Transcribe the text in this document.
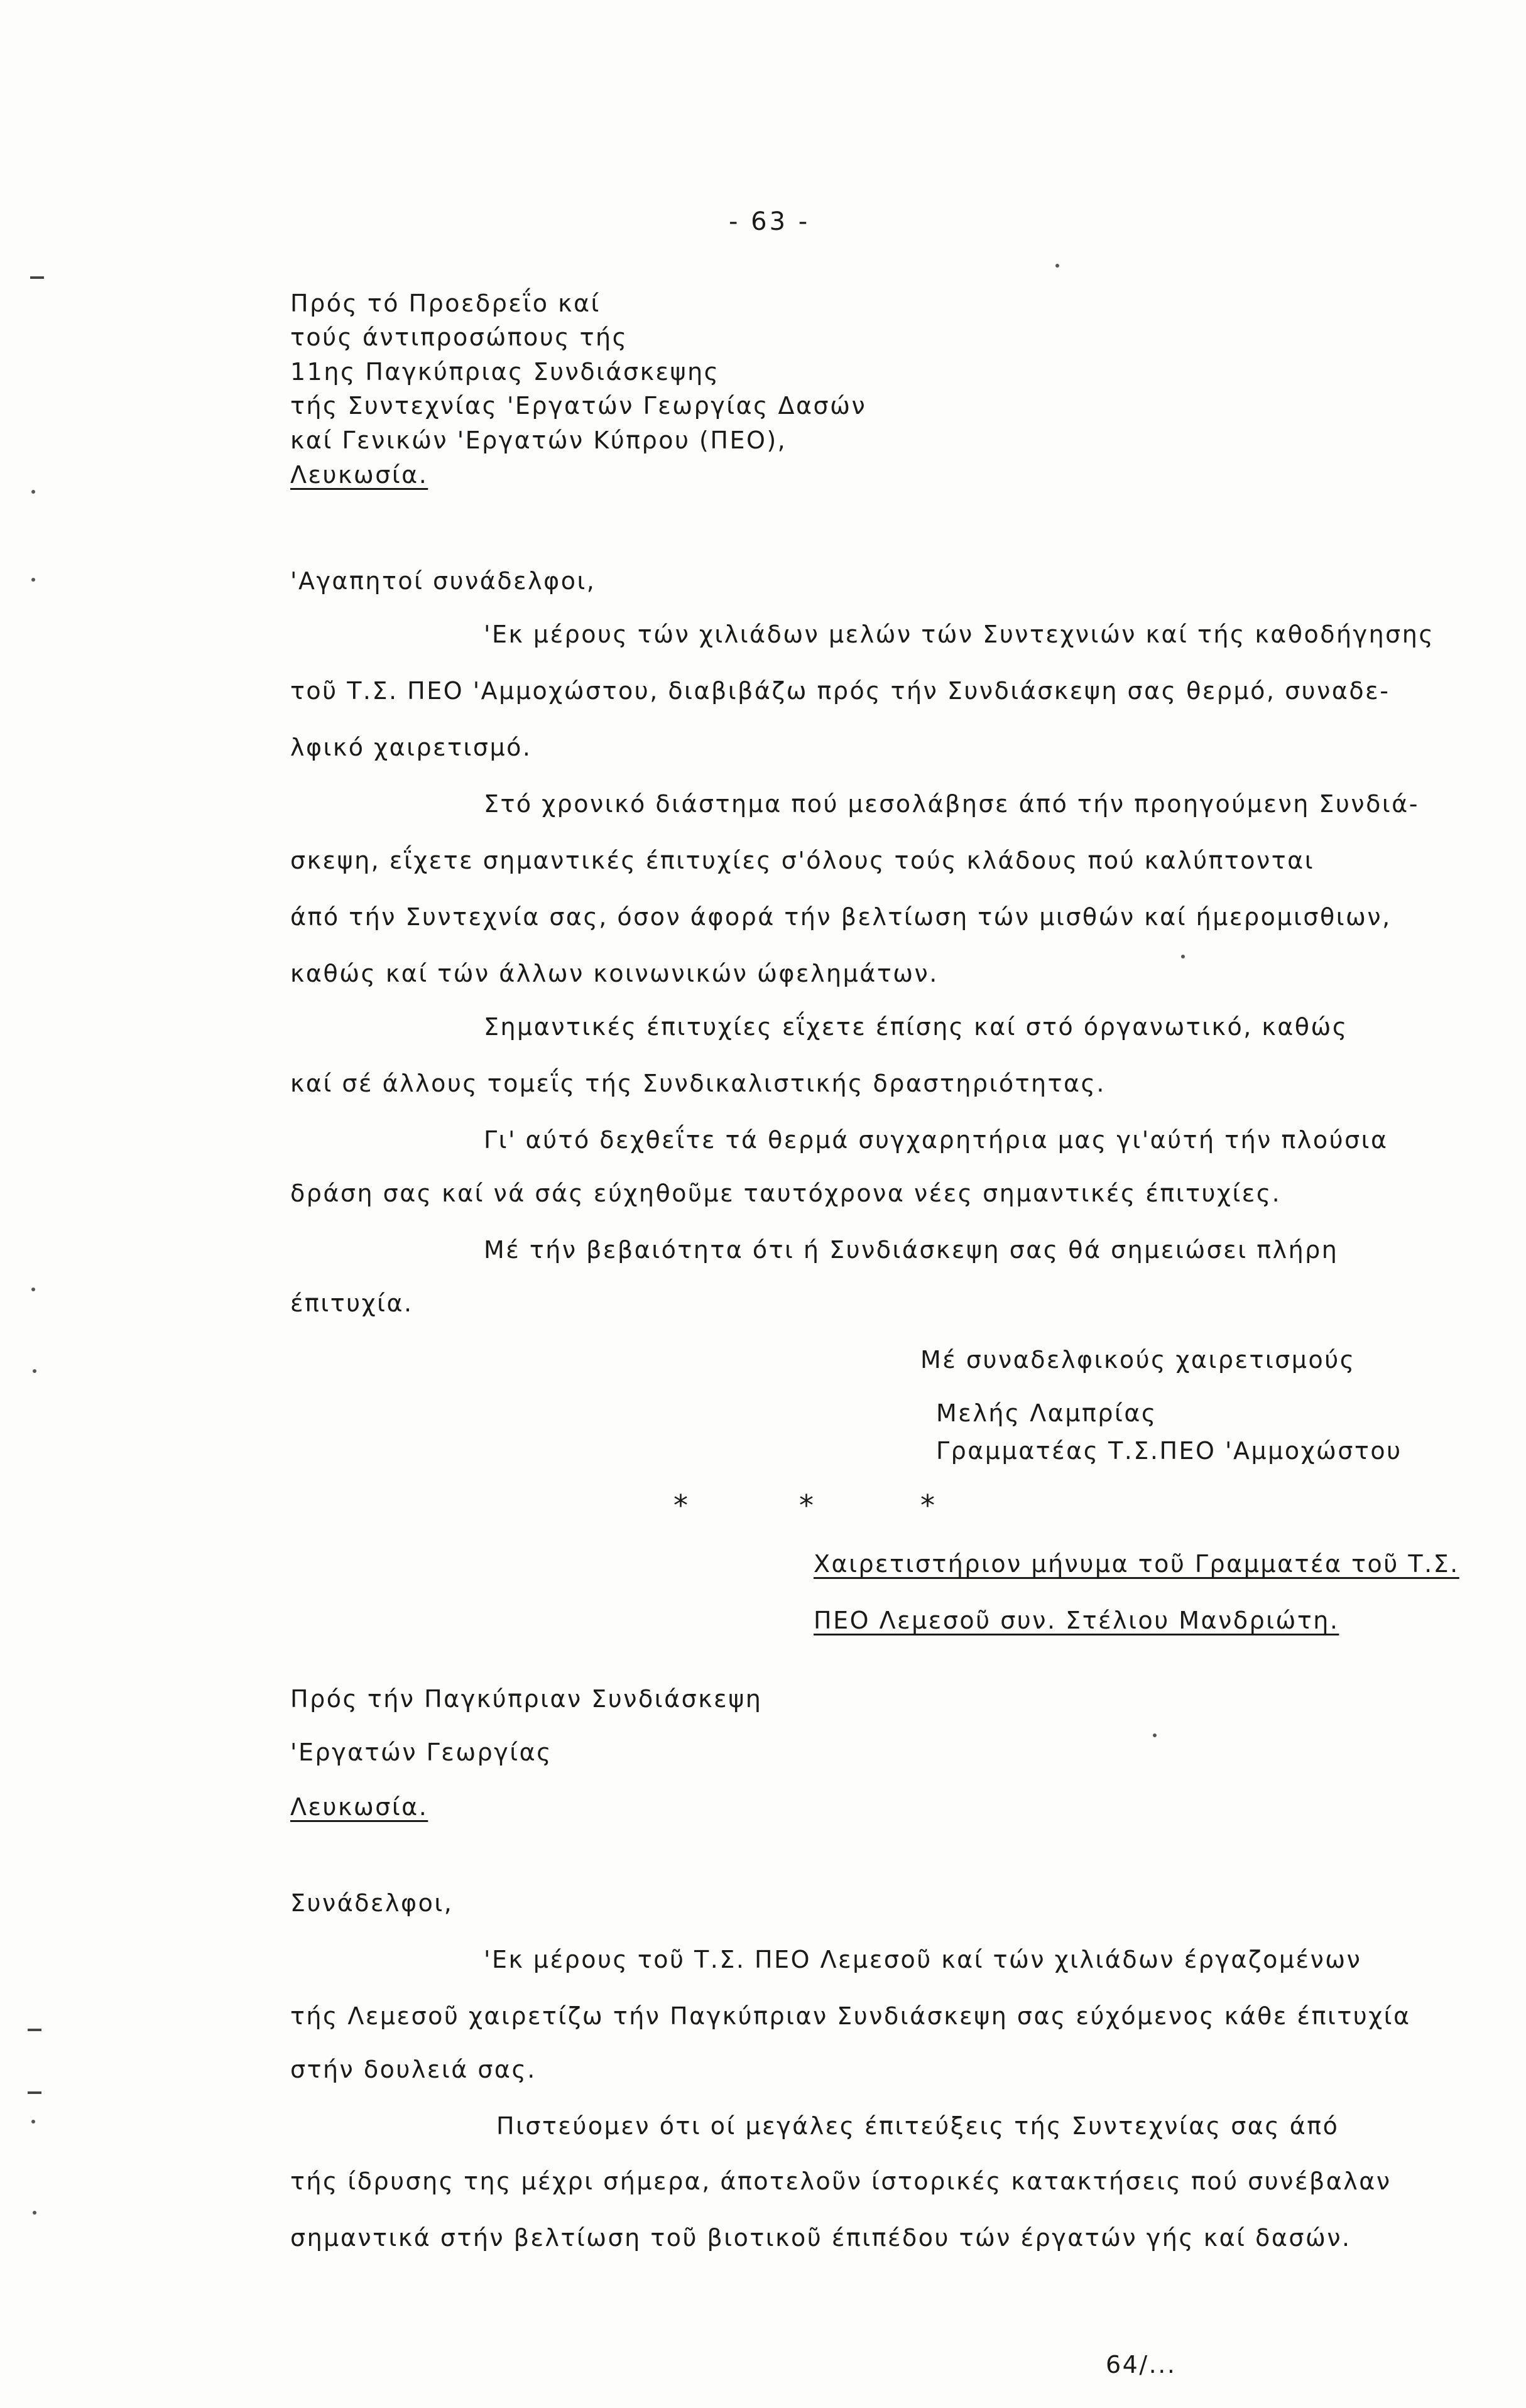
- 63 -
Πρός τό Προεδρεΐο καί
τούς άντιπροσώπους τής
11ης Παγκύπριας Συνδιάσκεψης
τής Συντεχνίας 'Εργατών Γεωργίας Δασών
καί Γενικών 'Εργατών Κύπρου (ΠΕΟ),
Λευκωσία.
'Αγαπητοί συνάδελφοι,
'Εκ μέρους τών χιλιάδων μελών τών Συντεχνιών καί τής καθοδήγησης
τοῦ Τ.Σ. ΠΕΟ 'Αμμοχώστου, διαβιβάζω πρός τήν Συνδιάσκεψη σας θερμό, συναδε-
λφικό χαιρετισμό.
Στό χρονικό διάστημα πού μεσολάβησε άπό τήν προηγούμενη Συνδιά-
σκεψη, εΐχετε σημαντικές έπιτυχίες σ'όλους τούς κλάδους πού καλύπτονται
άπό τήν Συντεχνία σας, όσον άφορά τήν βελτίωση τών μισθών καί ήμερομισθιων,
καθώς καί τών άλλων κοινωνικών ώφελημάτων.
Σημαντικές έπιτυχίες εΐχετε έπίσης καί στό όργανωτικό, καθώς
καί σέ άλλους τομεΐς τής Συνδικαλιστικής δραστηριότητας.
Γι' αύτό δεχθεΐτε τά θερμά συγχαρητήρια μας γι'αύτή τήν πλούσια
δράση σας καί νά σάς εύχηθοῦμε ταυτόχρονα νέες σημαντικές έπιτυχίες.
Μέ τήν βεβαιότητα ότι ή Συνδιάσκεψη σας θά σημειώσει πλήρη
έπιτυχία.
Μέ συναδελφικούς χαιρετισμούς
Μελής Λαμπρίας
Γραμματέας Τ.Σ.ΠΕΟ 'Αμμοχώστου
*	*	*
Χαιρετιστήριον μήνυμα τοῦ Γραμματέα τοῦ Τ.Σ.
ΠΕΟ Λεμεσοῦ συν. Στέλιου Μανδριώτη.
Πρός τήν Παγκύπριαν Συνδιάσκεψη
'Εργατών Γεωργίας
Λευκωσία.
Συνάδελφοι,
'Εκ μέρους τοῦ Τ.Σ. ΠΕΟ Λεμεσοῦ καί τών χιλιάδων έργαζομένων
τής Λεμεσοῦ χαιρετίζω τήν Παγκύπριαν Συνδιάσκεψη σας εύχόμενος κάθε έπιτυχία
στήν δουλειά σας.
Πιστεύομεν ότι οί μεγάλες έπιτεύξεις τής Συντεχνίας σας άπό
τής ίδρυσης της μέχρι σήμερα, άποτελοῦν ίστορικές κατακτήσεις πού συνέβαλαν
σημαντικά στήν βελτίωση τοῦ βιοτικοῦ έπιπέδου τών έργατών γής καί δασών.
64/...
